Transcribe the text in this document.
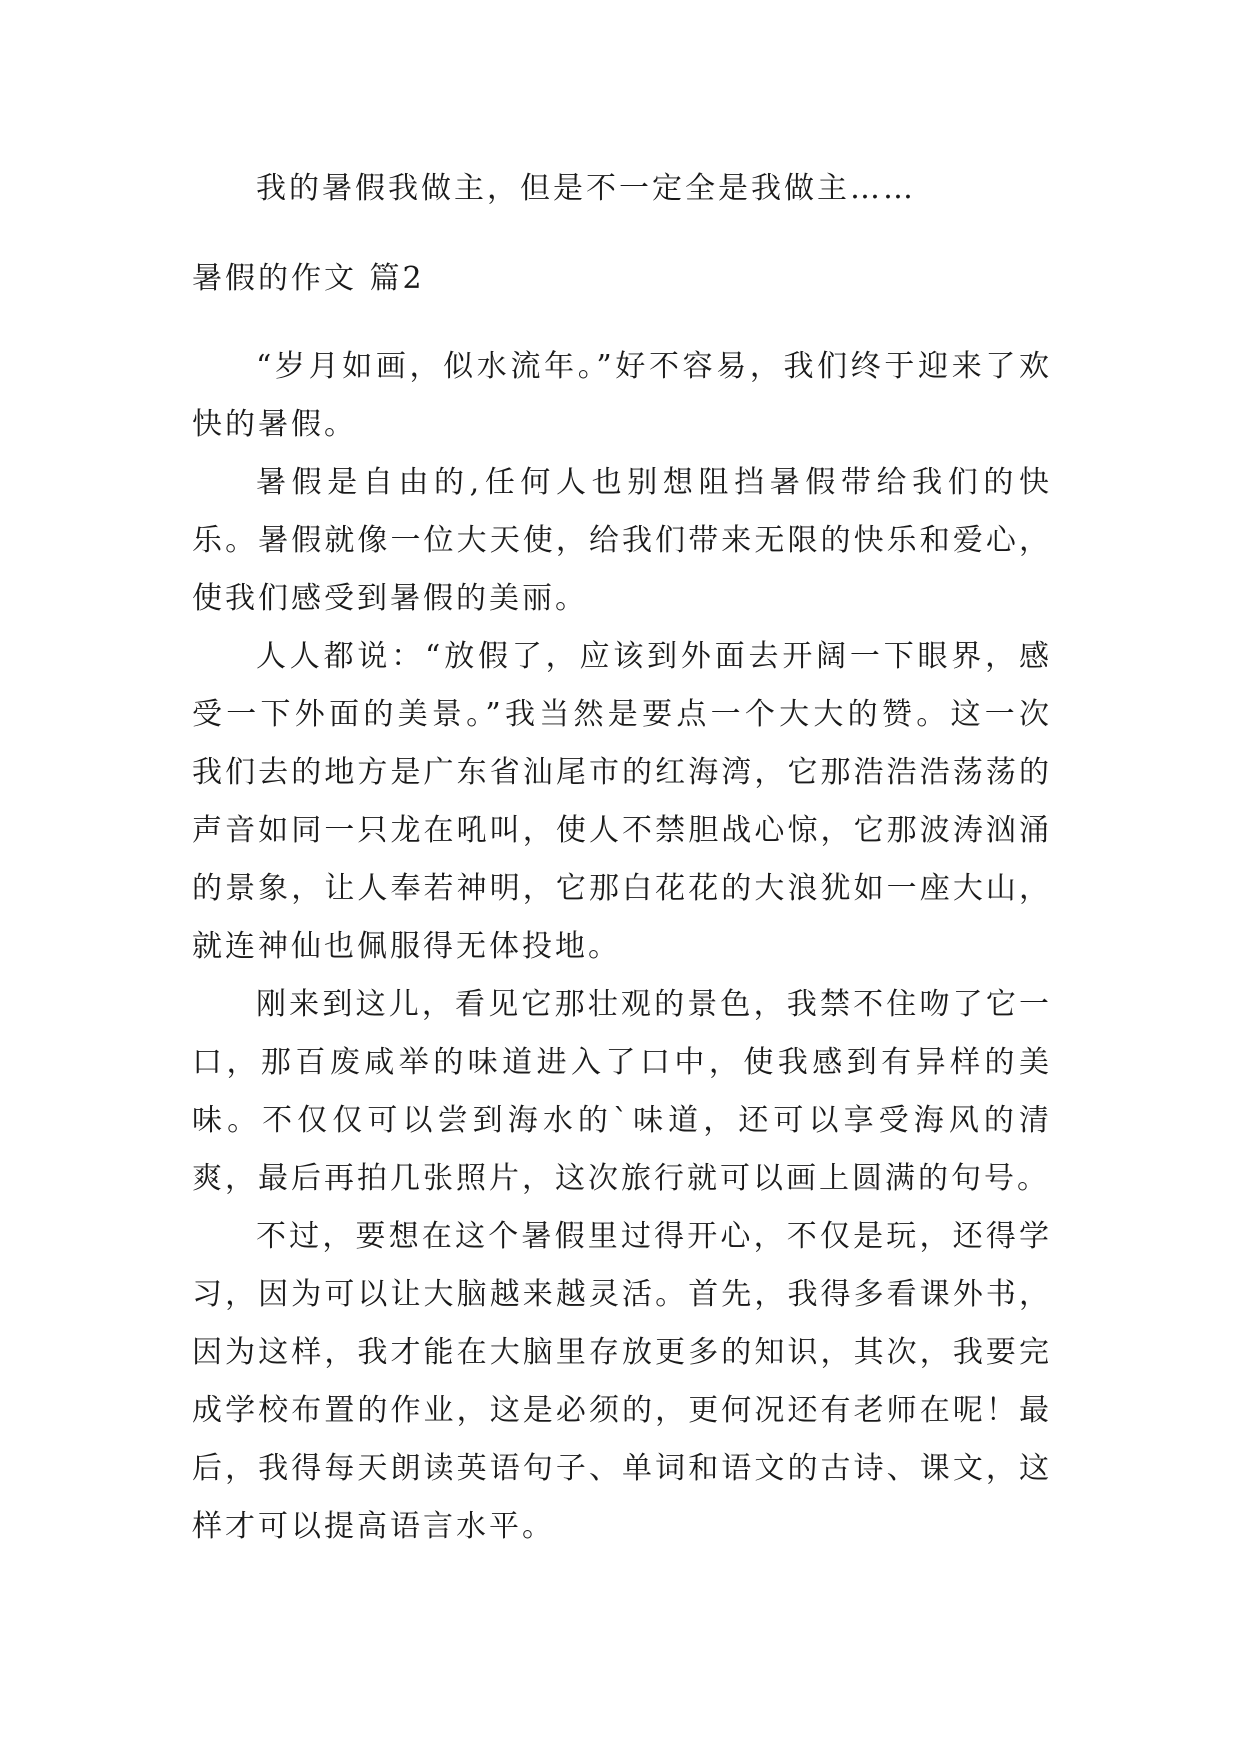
我的暑假我做主，但是不一定全是我做主……

暑假的作文 篇2

“岁月如画，似水流年。”好不容易，我们终于迎来了欢快的暑假。

暑假是自由的,任何人也别想阻挡暑假带给我们的快乐。暑假就像一位大天使，给我们带来无限的快乐和爱心，使我们感受到暑假的美丽。

人人都说：“放假了，应该到外面去开阔一下眼界，感受一下外面的美景。”我当然是要点一个大大的赞。这一次我们去的地方是广东省汕尾市的红海湾，它那浩浩浩荡荡的声音如同一只龙在吼叫，使人不禁胆战心惊，它那波涛汹涌的景象，让人奉若神明，它那白花花的大浪犹如一座大山，就连神仙也佩服得无体投地。

刚来到这儿，看见它那壮观的景色，我禁不住吻了它一口，那百废咸举的味道进入了口中，使我感到有异样的美味。不仅仅可以尝到海水的`味道，还可以享受海风的清爽，最后再拍几张照片，这次旅行就可以画上圆满的句号。

不过，要想在这个暑假里过得开心，不仅是玩，还得学习，因为可以让大脑越来越灵活。首先，我得多看课外书，因为这样，我才能在大脑里存放更多的知识，其次，我要完成学校布置的作业，这是必须的，更何况还有老师在呢！最后，我得每天朗读英语句子、单词和语文的古诗、课文，这样才可以提高语言水平。
